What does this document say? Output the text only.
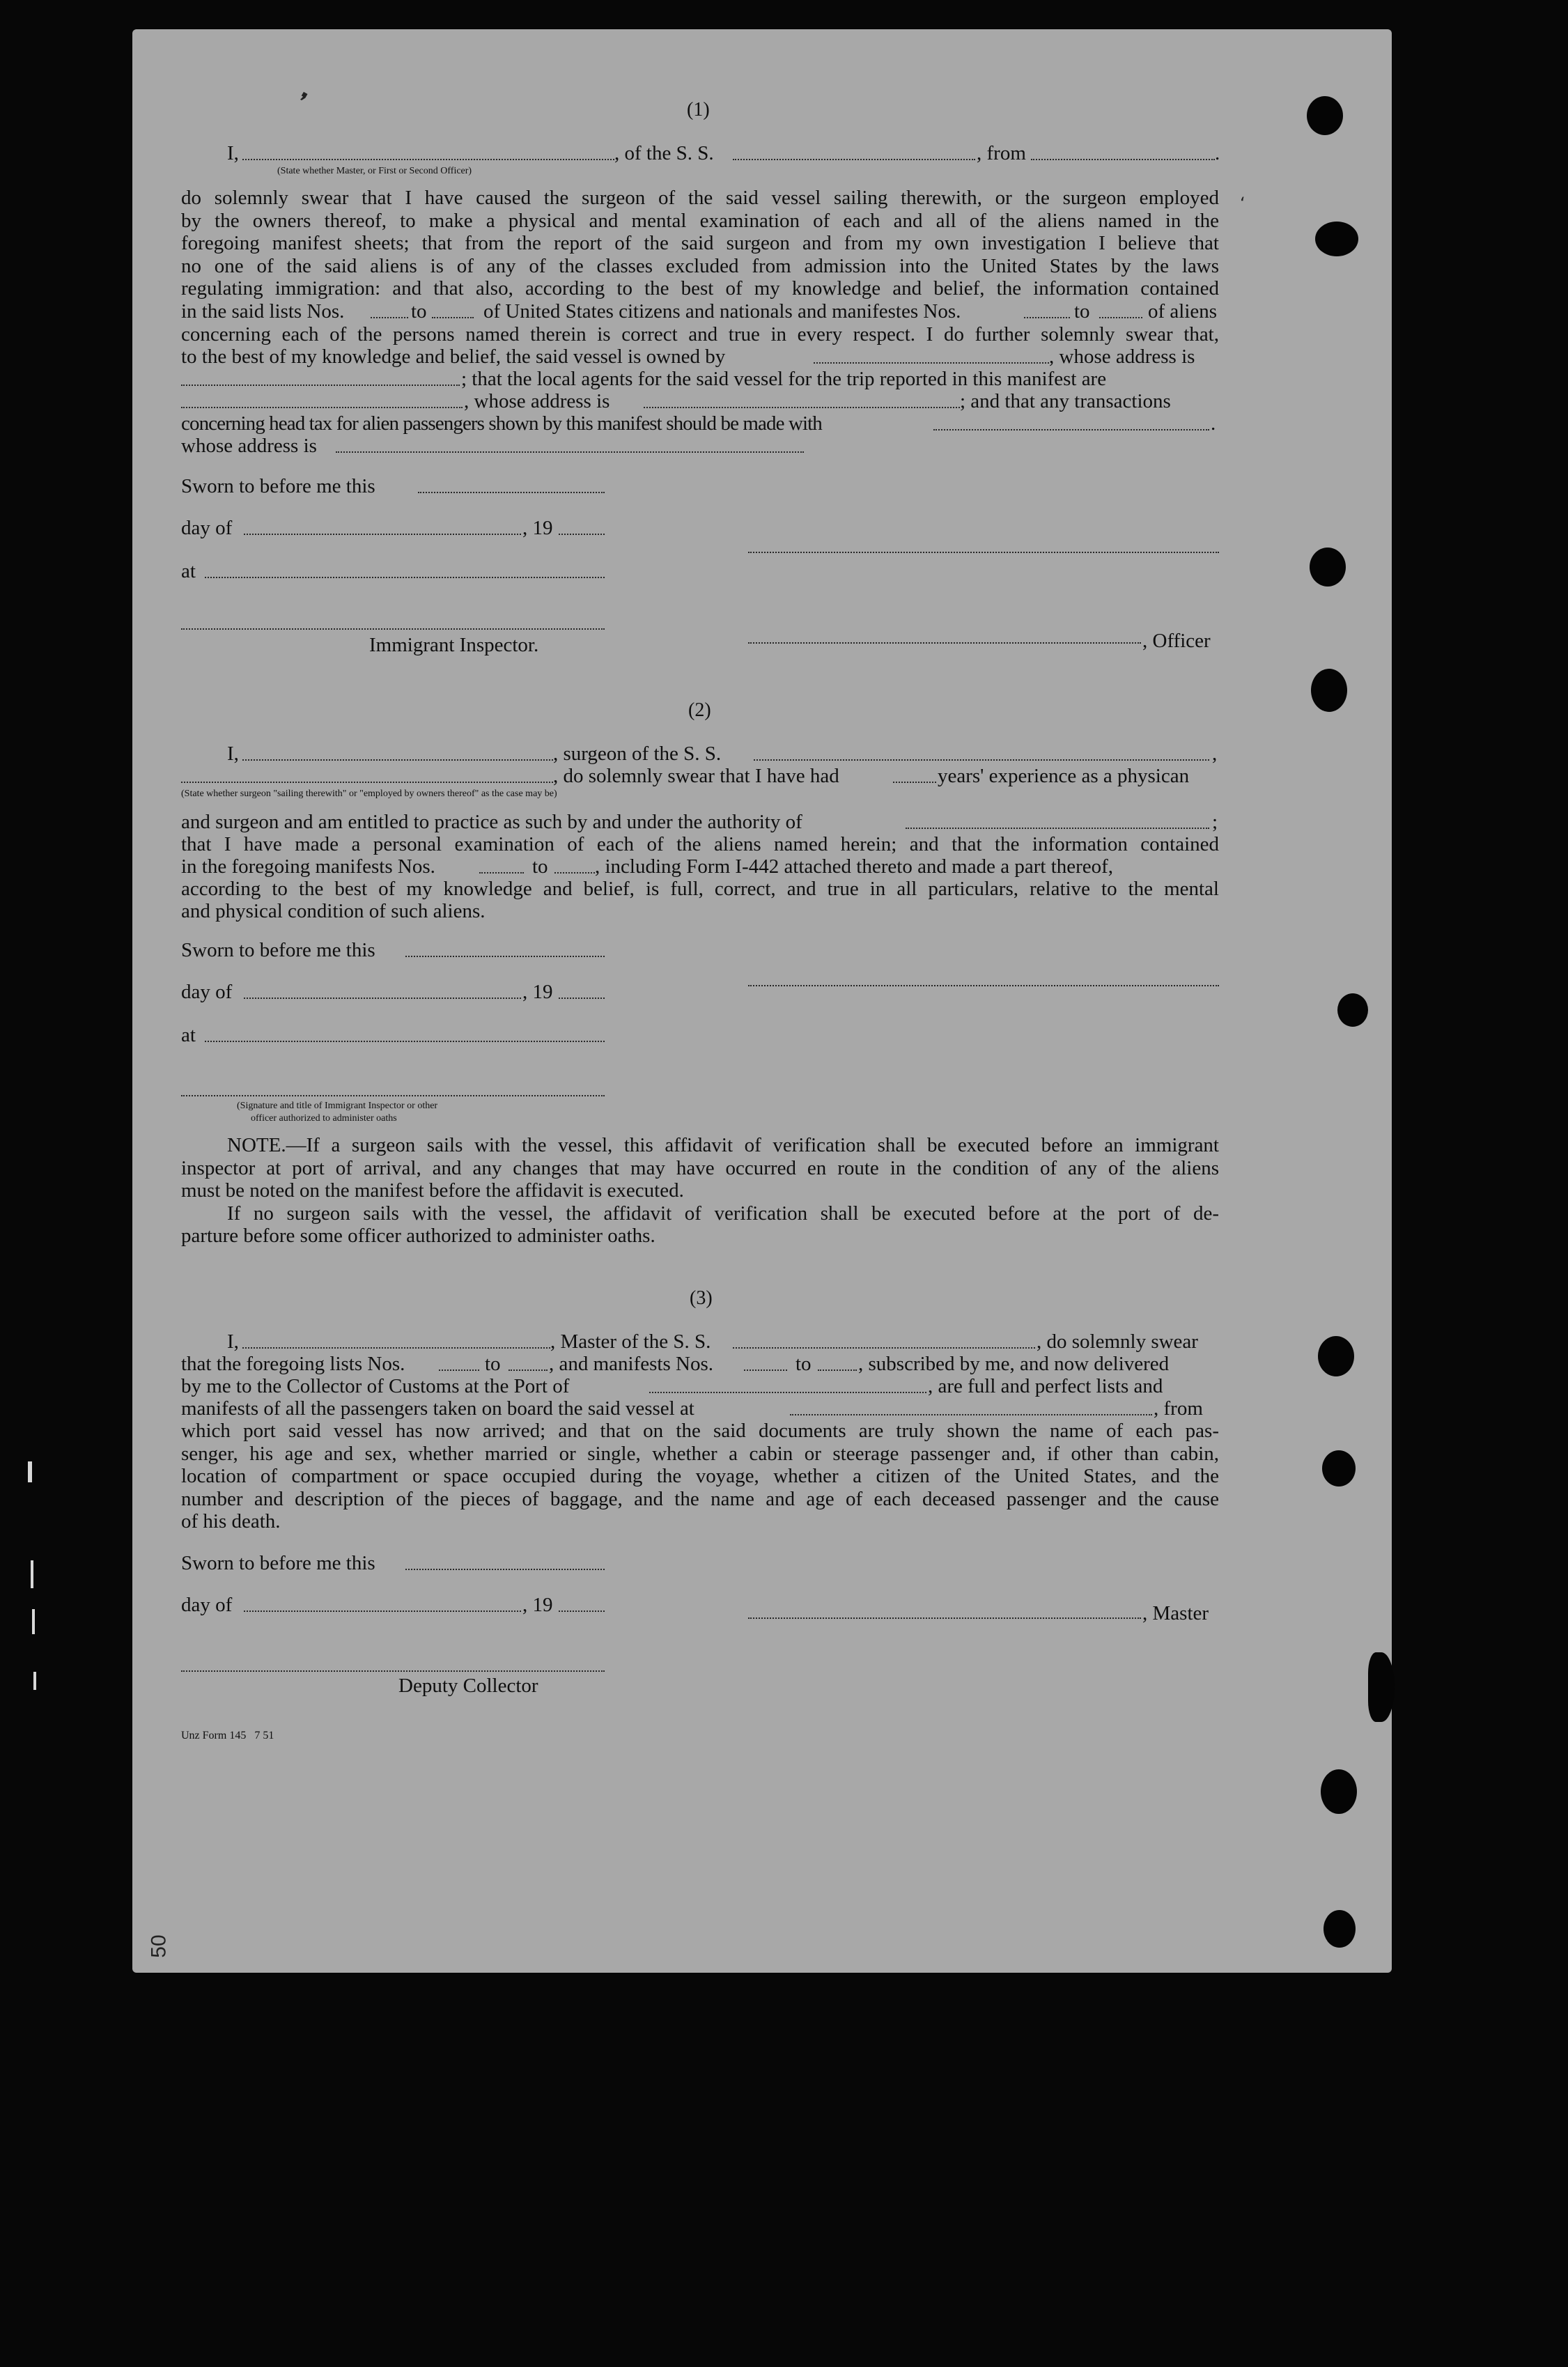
(1)
I,	, of the S. S.	, from	.
(State whether Master, or First or Second Officer)
do solemnly swear that I have caused the surgeon of the said vessel sailing therewith, or the surgeon employed
by the owners thereof, to make a physical and mental examination of each and all of the aliens named in the
foregoing manifest sheets; that from the report of the said surgeon and from my own investigation I believe that
no one of the said aliens is of any of the classes excluded from admission into the United States by the laws
regulating immigration: and that also, according to the best of my knowledge and belief, the information contained
in the said lists Nos.	to	of United States citizens and nationals and manifestes Nos.	to	of aliens
concerning each of the persons named therein is correct and true in every respect. I do further solemnly swear that,
to the best of my knowledge and belief, the said vessel is owned by	, whose address is
; that the local agents for the said vessel for the trip reported in this manifest are
, whose address is	; and that any transactions
concerning head tax for alien passengers shown by this manifest should be made with	.
whose address is
Sworn to before me this
day of	, 19
at
, Officer
Immigrant Inspector.
(2)
I,	, surgeon of the S. S.	,
, do solemnly swear that I have had	years' experience as a physican
(State whether surgeon "sailing therewith" or "employed by owners thereof" as the case may be)
and surgeon and am entitled to practice as such by and under the authority of	;
that I have made a personal examination of each of the aliens named herein; and that the information contained
in the foregoing manifests Nos.	to , including Form I-442 attached thereto and made a part thereof,
according to the best of my knowledge and belief, is full, correct, and true in all particulars, relative to the mental
and physical condition of such aliens.
Sworn to before me this
day of	, 19
at
(Signature and title of Immigrant Inspector or other
officer authorized to administer oaths
NOTE.—If a surgeon sails with the vessel, this affidavit of verification shall be executed before an immigrant
inspector at port of arrival, and any changes that may have occurred en route in the condition of any of the aliens
must be noted on the manifest before the affidavit is executed.
If no surgeon sails with the vessel, the affidavit of verification shall be executed before at the port of de-
parture before some officer authorized to administer oaths.
(3)
I,	, Master of the S. S.	, do solemnly swear
that the foregoing lists Nos.	to , and manifests Nos.	to , subscribed by me, and now delivered
by me to the Collector of Customs at the Port of	, are full and perfect lists and
manifests of all the passengers taken on board the said vessel at	, from
which port said vessel has now arrived; and that on the said documents are truly shown the name of each pas-
senger, his age and sex, whether married or single, whether a cabin or steerage passenger and, if other than cabin,
location of compartment or space occupied during the voyage, whether a citizen of the United States, and the
number and description of the pieces of baggage, and the name and age of each deceased passenger and the cause
of his death.
Sworn to before me this
day of	, 19	, Master
Deputy Collector
Unz Form 145   7 51
50
❜
‘
